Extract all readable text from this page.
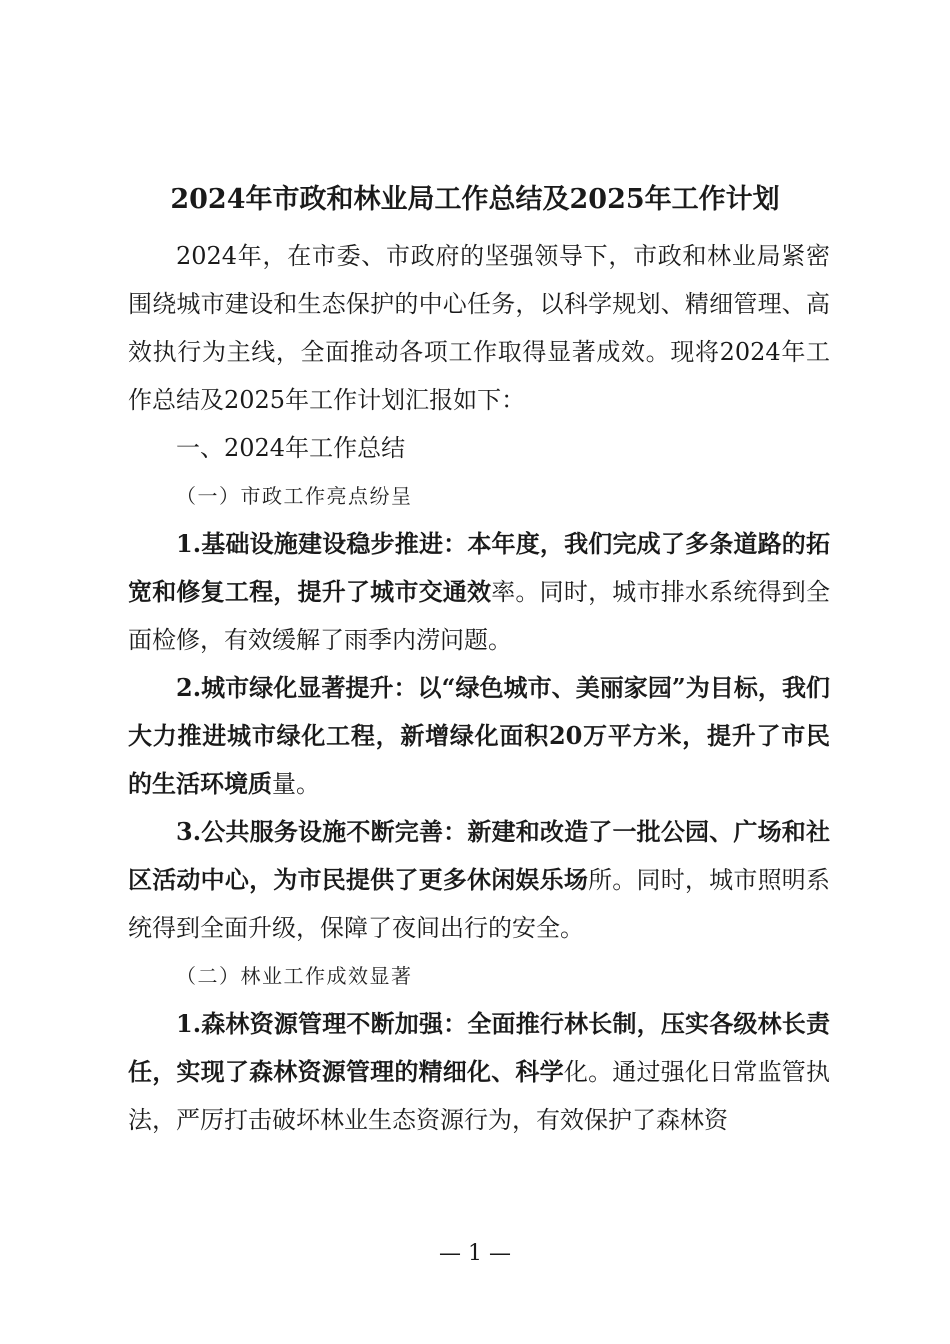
2024年市政和林业局工作总结及2025年工作计划

2024年，在市委、市政府的坚强领导下，市政和林业局紧密围绕城市建设和生态保护的中心任务，以科学规划、精细管理、高效执行为主线，全面推动各项工作取得显著成效。现将2024年工作总结及2025年工作计划汇报如下：

一、2024年工作总结

（一）市政工作亮点纷呈

1.基础设施建设稳步推进：本年度，我们完成了多条道路的拓宽和修复工程，提升了城市交通效率。同时，城市排水系统得到全面检修，有效缓解了雨季内涝问题。

2.城市绿化显著提升：以“绿色城市、美丽家园”为目标，我们大力推进城市绿化工程，新增绿化面积20万平方米，提升了市民的生活环境质量。

3.公共服务设施不断完善：新建和改造了一批公园、广场和社区活动中心，为市民提供了更多休闲娱乐场所。同时，城市照明系统得到全面升级，保障了夜间出行的安全。

（二）林业工作成效显著

1.森林资源管理不断加强：全面推行林长制，压实各级林长责任，实现了森林资源管理的精细化、科学化。通过强化日常监管执法，严厉打击破坏林业生态资源行为，有效保护了森林资

— 1 —
